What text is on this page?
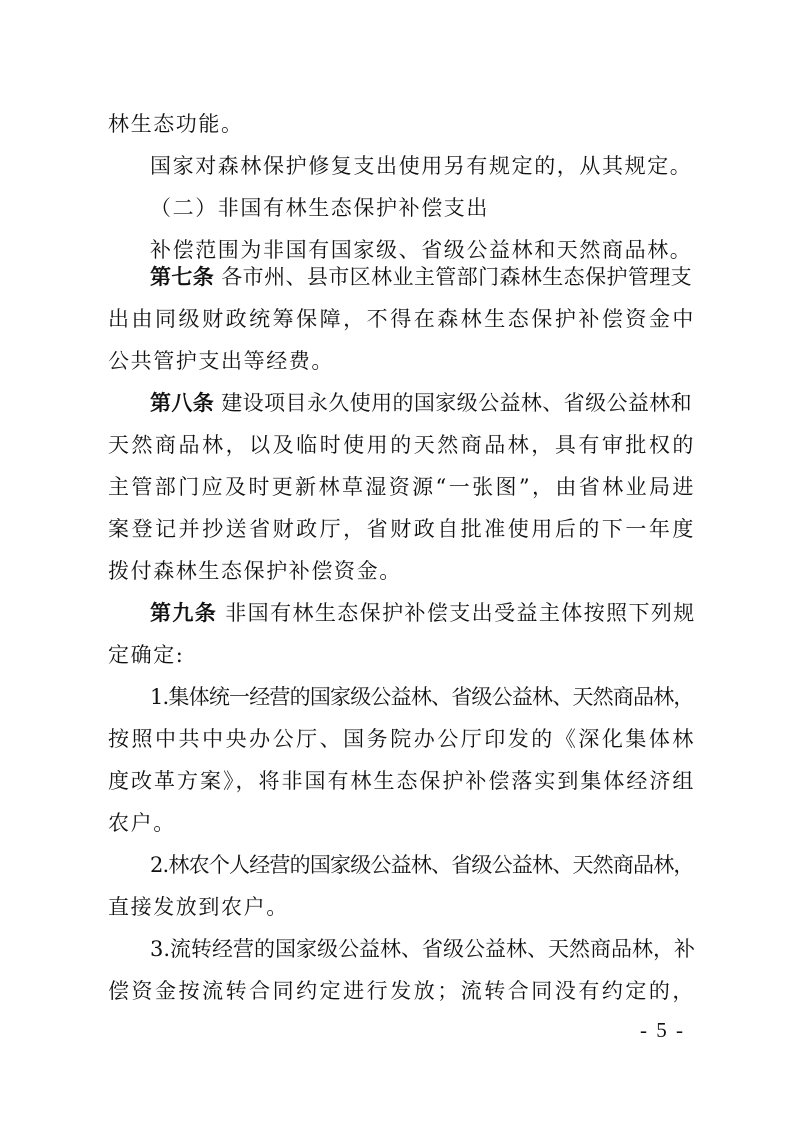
林生态功能。
国家对森林保护修复支出使用另有规定的，从其规定。
（二）非国有林生态保护补偿支出
补偿范围为非国有国家级、省级公益林和天然商品林。
第七条 各市州、县市区林业主管部门森林生态保护管理支
出由同级财政统筹保障，不得在森林生态保护补偿资金中
公共管护支出等经费。
第八条 建设项目永久使用的国家级公益林、省级公益林和
天然商品林，以及临时使用的天然商品林，具有审批权的
主管部门应及时更新林草湿资源“一张图”，由省林业局进
案登记并抄送省财政厅，省财政自批准使用后的下一年度
拨付森林生态保护补偿资金。
第九条 非国有林生态保护补偿支出受益主体按照下列规
定确定:
1.集体统一经营的国家级公益林、省级公益林、天然商品林，
按照中共中央办公厅、国务院办公厅印发的《深化集体林
度改革方案》，将非国有林生态保护补偿落实到集体经济组
农户。
2.林农个人经营的国家级公益林、省级公益林、天然商品林，
直接发放到农户。
3.流转经营的国家级公益林、省级公益林、天然商品林，补
偿资金按流转合同约定进行发放；流转合同没有约定的，
- 5 -
